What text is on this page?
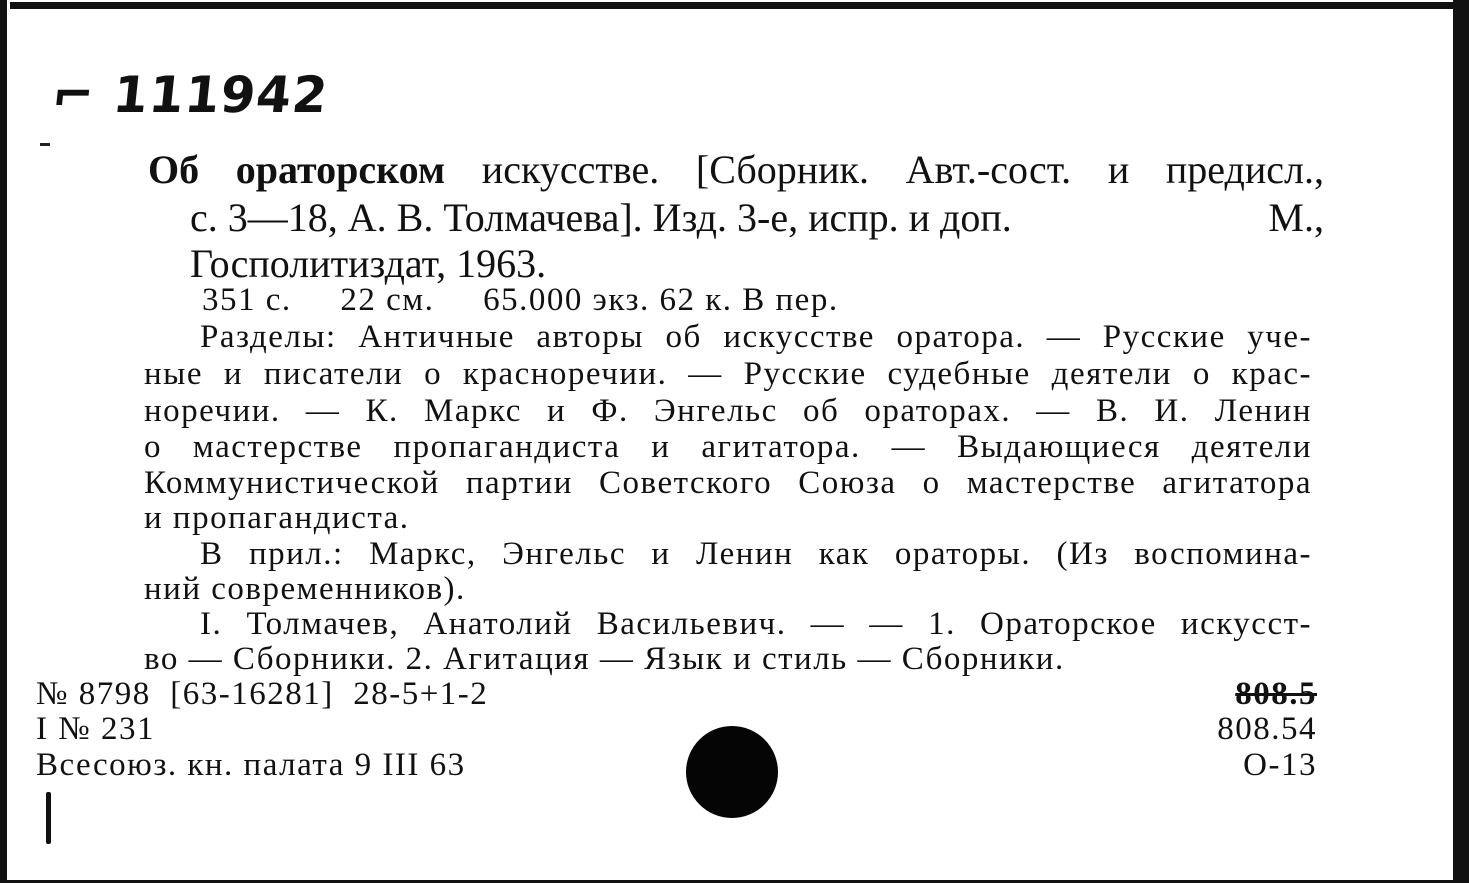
⌐ 111942
Об ораторском искусстве. [Сборник. Авт.-сост. и предисл.,
с. 3—18, А. В. Толмачева]. Изд. 3-е, испр. и доп.	М.,
Госполитиздат, 1963.
351 с.     22 см.     65.000 экз. 62 к. В пер.
Разделы: Античные авторы об искусстве оратора. — Русские уче-
ные и писатели о красноречии. — Русские судебные деятели о крас-
норечии. — К. Маркс и Ф. Энгельс об ораторах. — В. И. Ленин
о мастерстве пропагандиста и агитатора. — Выдающиеся деятели
Коммунистической партии Советского Союза о мастерстве агитатора
и пропагандиста.
В прил.: Маркс, Энгельс и Ленин как ораторы. (Из воспомина-
ний современников).
I. Толмачев, Анатолий Васильевич. — — 1. Ораторское искусст-
во — Сборники. 2. Агитация — Язык и стиль — Сборники.
№ 8798  [63-16281]  28-5+1-2
I № 231
Всесоюз. кн. палата 9 III 63
808.5
808.54
О-13
